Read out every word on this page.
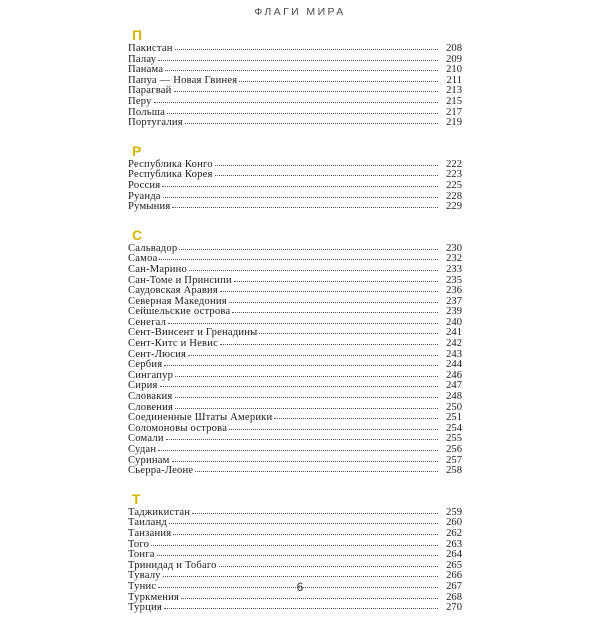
ФЛАГИ МИРА
П
Пакистан	208
Палау	209
Панама	210
Папуа — Новая Гвинея	211
Парагвай	213
Перу	215
Польша	217
Португалия	219
Р
Республика Конго	222
Республика Корея	223
Россия	225
Руанда	228
Румыния	229
С
Сальвадор	230
Самоа	232
Сан-Марино	233
Сан-Томе и Принсипи	235
Саудовская Аравия	236
Северная Македония	237
Сейшельские острова	239
Сенегал	240
Сент-Винсент и Гренадины	241
Сент-Китс и Невис	242
Сент-Люсия	243
Сербия	244
Сингапур	246
Сирия	247
Словакия	248
Словения	250
Соединенные Штаты Америки	251
Соломоновы острова	254
Сомали	255
Судан	256
Суринам	257
Сьерра-Леоне	258
Т
Таджикистан	259
Таиланд	260
Танзания	262
Того	263
Тонга	264
Тринидад и Тобаго	265
Тувалу	266
Тунис	267
Туркмения	268
Турция	270
6
